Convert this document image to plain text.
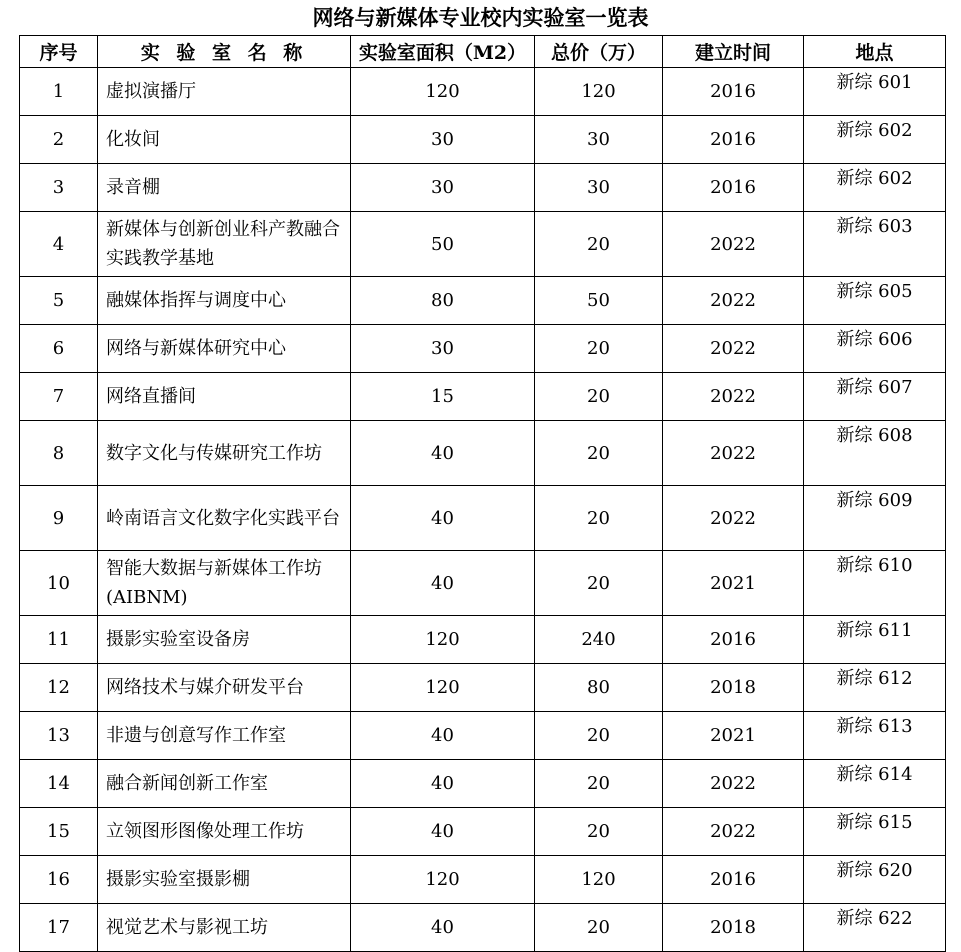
网络与新媒体专业校内实验室一览表
序号	实 验 室 名 称	实验室面积（M2）	总价（万）	建立时间	地点
1	虚拟演播厅	120	120	2016	新综 601
2	化妆间	30	30	2016	新综 602
3	录音棚	30	30	2016	新综 602
4	新媒体与创新创业科产教融合实践教学基地	50	20	2022	新综 603
5	融媒体指挥与调度中心	80	50	2022	新综 605
6	网络与新媒体研究中心	30	20	2022	新综 606
7	网络直播间	15	20	2022	新综 607
8	数字文化与传媒研究工作坊	40	20	2022	新综 608
9	岭南语言文化数字化实践平台	40	20	2022	新综 609
10	智能大数据与新媒体工作坊(AIBNM)	40	20	2021	新综 610
11	摄影实验室设备房	120	240	2016	新综 611
12	网络技术与媒介研发平台	120	80	2018	新综 612
13	非遗与创意写作工作室	40	20	2021	新综 613
14	融合新闻创新工作室	40	20	2022	新综 614
15	立领图形图像处理工作坊	40	20	2022	新综 615
16	摄影实验室摄影棚	120	120	2016	新综 620
17	视觉艺术与影视工坊	40	20	2018	新综 622
